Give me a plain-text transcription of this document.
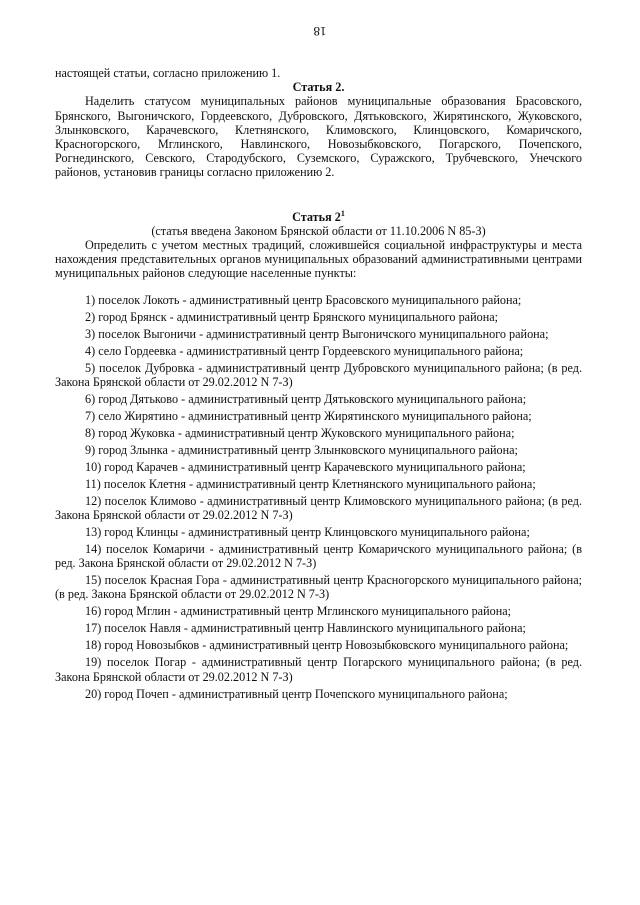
18

настоящей статьи, согласно приложению 1.

Статья 2.

Наделить статусом муниципальных районов муниципальные образования Брасовского, Брянского, Выгоничского, Гордеевского, Дубровского, Дятьковского, Жирятинского, Жуковского, Злынковского, Карачевского, Клетнянского, Климовского, Клинцовского, Комаричского, Красногорского, Мглинского, Навлинского, Новозыбковского, Погарского, Почепского, Рогнединского, Севского, Стародубского, Суземского, Суражского, Трубчевского, Унечского районов, установив границы согласно приложению 2.

Статья $2^1$

(статья введена Законом Брянской области от 11.10.2006 N 85-З)

Определить с учетом местных традиций, сложившейся социальной инфраструктуры и места нахождения представительных органов муниципальных образований административными центрами муниципальных районов следующие населенные пункты:

1) поселок Локоть - административный центр Брасовского муниципального района;
2) город Брянск - административный центр Брянского муниципального района;
3) поселок Выгоничи - административный центр Выгоничского муниципального района;
4) село Гордеевка - административный центр Гордеевского муниципального района;
5) поселок Дубровка - административный центр Дубровского муниципального района; (в ред. Закона Брянской области от 29.02.2012 N 7-З)
6) город Дятьково - административный центр Дятьковского муниципального района;
7) село Жирятино - административный центр Жирятинского муниципального района;
8) город Жуковка - административный центр Жуковского муниципального района;
9) город Злынка - административный центр Злынковского муниципального района;
10) город Карачев - административный центр Карачевского муниципального района;
11) поселок Клетня - административный центр Клетнянского муниципального района;
12) поселок Климово - административный центр Климовского муниципального района; (в ред. Закона Брянской области от 29.02.2012 N 7-З)
13) город Клинцы - административный центр Клинцовского муниципального района;
14) поселок Комаричи - административный центр Комаричского муниципального района; (в ред. Закона Брянской области от 29.02.2012 N 7-З)
15) поселок Красная Гора - административный центр Красногорского муниципального района; (в ред. Закона Брянской области от 29.02.2012 N 7-З)
16) город Мглин - административный центр Мглинского муниципального района;
17) поселок Навля - административный центр Навлинского муниципального района;
18) город Новозыбков - административный центр Новозыбковского муниципального района;
19) поселок Погар - административный центр Погарского муниципального района; (в ред. Закона Брянской области от 29.02.2012 N 7-З)
20) город Почеп - административный центр Почепского муниципального района;
